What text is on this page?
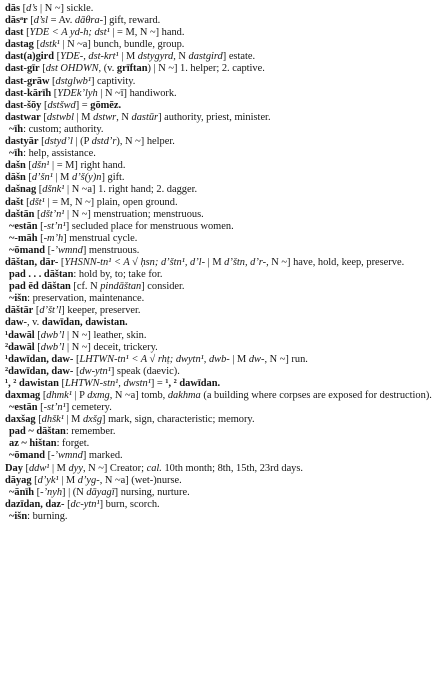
dās [d’s | N ~] sickle.

dāsᵃr [d’sl = Av. dāθra-] gift, reward.

dast [YDE < A yd-h; dst¹ | = M, N ~] hand.

dastag [dstk¹ | N ~a] bunch, bundle, group.

dast(a)gird [YDE-, dst-krt¹ | M dstygyrd, N dastgird] estate.

dast-gīr [dst OHDWN, (v. grīftan) | N ~] 1. helper; 2. captive.

dast-grāw [dstglwb¹] captivity.

dast-kārīh [YDEk’lyh | N ~ī] handiwork.

dast-šōy [dstšwd] = gōmēz.

dastwar [dstwbl | M dstwr, N dastūr] authority, priest, minister.

~īh: custom; authority.

dastyār [dstyd’l | (P dstd’r), N ~] helper.

~īh: help, assistance.

dašn [dšn¹ | = M] right hand.

dāšn [d’šn¹ | M d’š(y)n] gift.

dašnag [dšnk¹ | N ~a] 1. right hand; 2. dagger.

dašt [dšt¹ | = M, N ~] plain, open ground.

daštān [dšt’n¹ | N ~] menstruation; menstruous.

~estān [-st’n¹] secluded place for menstruous women.

~-māh [-m’h] menstrual cycle.

~ōmand [-’wmnd] menstruous.

dāštan, dār- [YHSNN-tn¹ < A √ ḥsn; d’štn¹, d’l- | M d’štn, d’r-, N ~] have, hold, keep, preserve.

pad . . . dāštan: hold by, to; take for.

pad ēd dāštan [cf. N pindāštan] consider.

~išn: preservation, maintenance.

dāštār [d’št’l] keeper, preserver.

daw-, v. dawīdan, dawistan.

¹dawāl [dwb’l | N ~] leather, skin.

²dawāl [dwb’l | N ~] deceit, trickery.

¹dawīdan, daw- [LHTWN-tn¹ < A √ rhṭ; dwytn¹, dwb- | M dw-, N ~] run.

²dawīdan, daw- [dw-ytn¹] speak (daevic).

¹, ² dawistan [LHTWN-stn¹, dwstn¹] = ¹, ² dawīdan.

daxmag [dhmk¹ | P dxmg, N ~a] tomb, dakhma (a building where corpses are exposed for destruction).

~estān [-st’n¹] cemetery.

daxšag [dhšk¹ | M dxšg] mark, sign, characteristic; memory.

pad ~ dāštan: remember.

az ~ hištan: forget.

~ōmand [-’wmnd] marked.

Day [ddw¹ | M dyy, N ~] Creator; cal. 10th month; 8th, 15th, 23rd days.

dāyag [d’yk¹ | M d’yg-, N ~a] (wet-)nurse.

~ānīh [-’nyh] | (N dāyagī] nursing, nurture.

dazīdan, daz- [dc-ytn¹] burn, scorch.

~išn: burning.
